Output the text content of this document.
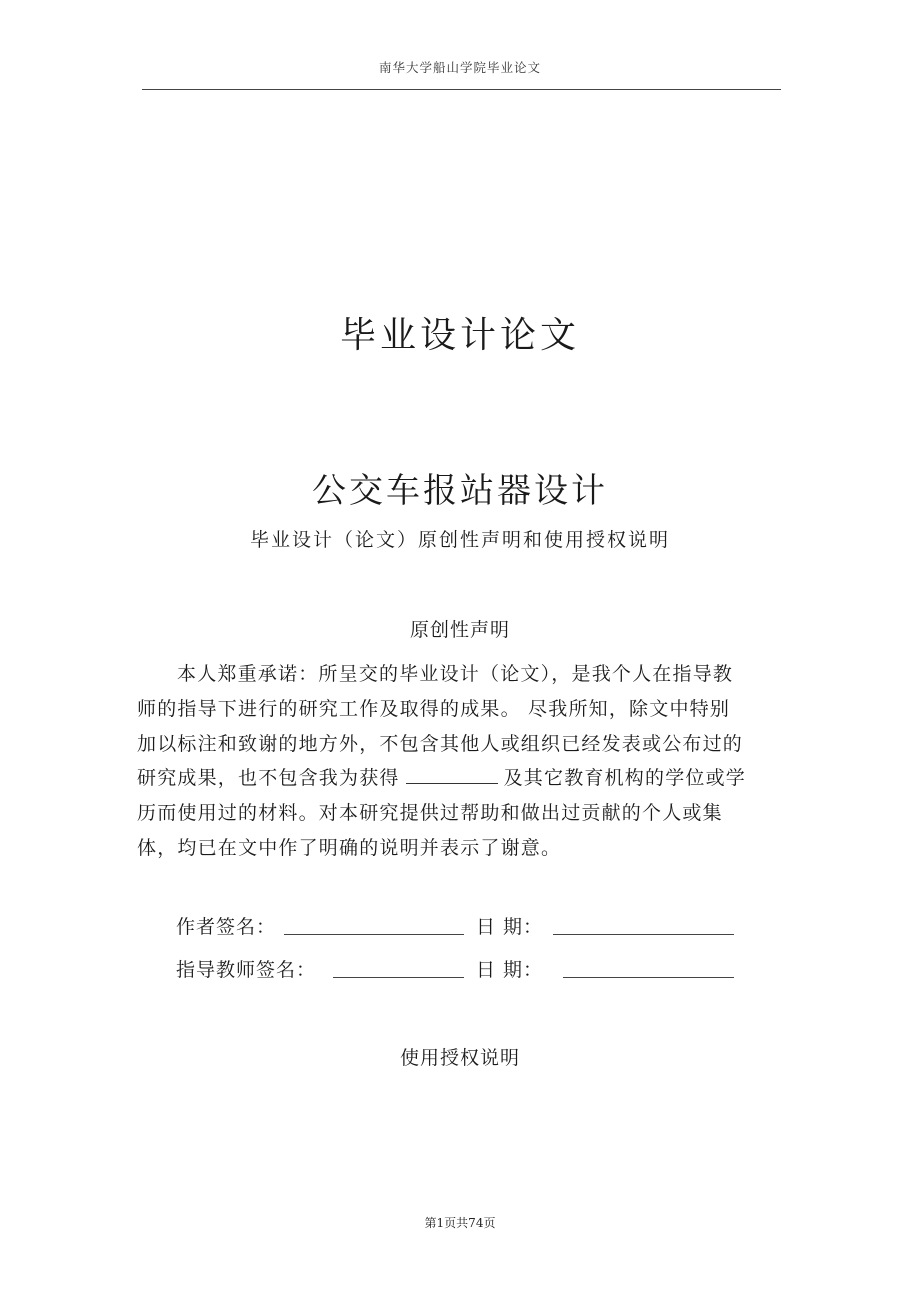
南华大学船山学院毕业论文
毕业设计论文
公交车报站器设计
毕业设计（论文）原创性声明和使用授权说明
原创性声明
本人郑重承诺：所呈交的毕业设计（论文），是我个人在指导教师的指导下进行的研究工作及取得的成果。 尽我所知，除文中特别加以标注和致谢的地方外，不包含其他人或组织已经发表或公布过的研究成果，也不包含我为获得	及其它教育机构的学位或学历而使用过的材料。对本研究提供过帮助和做出过贡献的个人或集体，均已在文中作了明确的说明并表示了谢意。
作者签名：	日 期：
指导教师签名：	日 期：
使用授权说明
第1页共74页
